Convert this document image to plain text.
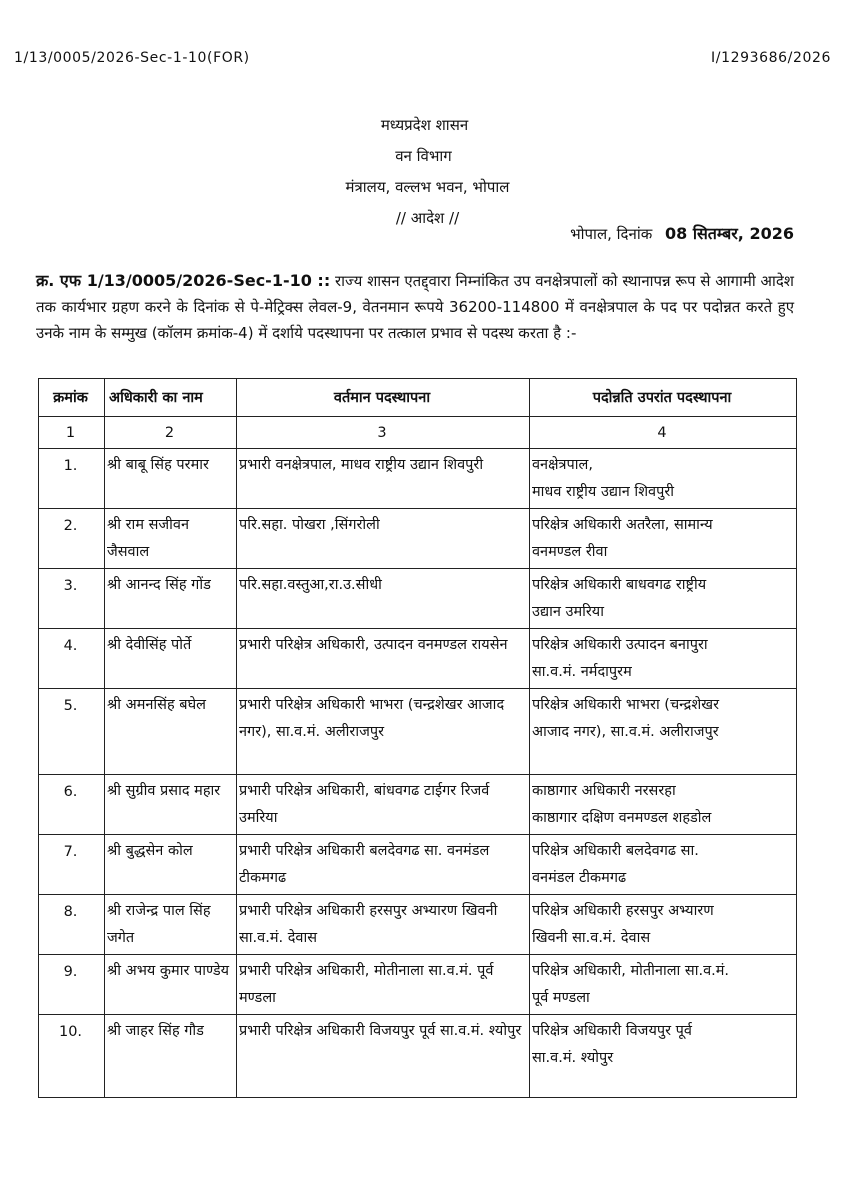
1/13/0005/2026-Sec-1-10(FOR)	I/1293686/2026
मध्यप्रदेश शासन
वन विभाग
मंत्रालय, वल्लभ भवन, भोपाल
// आदेश //
भोपाल, दिनांक 08 सितम्बर, 2026
क्र. एफ 1/13/0005/2026-Sec-1-10 :: राज्य शासन एतद्द्वारा निम्नांकित उप वनक्षेत्रपालों को स्थानापन्न रूप से आगामी आदेश तक कार्यभार ग्रहण करने के दिनांक से पे-मेट्रिक्स लेवल-9, वेतनमान रूपये 36200-114800 में वनक्षेत्रपाल के पद पर पदोन्नत करते हुए उनके नाम के सम्मुख (कॉलम क्रमांक-4) में दर्शाये पदस्थापना पर तत्काल प्रभाव से पदस्थ करता है :-
क्रमांक	अधिकारी का नाम	वर्तमान पदस्थापना	पदोन्नति उपरांत पदस्थापना
1	2	3	4
1.	श्री बाबू सिंह परमार	प्रभारी वनक्षेत्रपाल, माधव राष्ट्रीय उद्यान शिवपुरी	वनक्षेत्रपाल,
माधव राष्ट्रीय उद्यान शिवपुरी

2.	श्री राम सजीवन जैसवाल	परि.सहा. पोखरा ,सिंगरोली	परिक्षेत्र अधिकारी अतरैला, सामान्य
वनमण्डल रीवा

3.	श्री आनन्द सिंह गोंड	परि.सहा.वस्तुआ,रा.उ.सीधी	परिक्षेत्र अधिकारी बाधवगढ राष्ट्रीय
उद्यान उमरिया

4.	श्री देवीसिंह पोर्ते	प्रभारी परिक्षेत्र अधिकारी, उत्पादन वनमण्डल रायसेन	परिक्षेत्र अधिकारी उत्पादन बनापुरा
सा.व.मं. नर्मदापुरम

5.	श्री अमनसिंह बघेल	प्रभारी परिक्षेत्र अधिकारी भाभरा (चन्द्रशेखर आजाद नगर), सा.व.मं. अलीराजपुर	परिक्षेत्र अधिकारी भाभरा (चन्द्रशेखर
आजाद नगर), सा.व.मं. अलीराजपुर

6.	श्री सुग्रीव प्रसाद महार	प्रभारी परिक्षेत्र अधिकारी, बांधवगढ टाईगर रिजर्व उमरिया	काष्ठागार अधिकारी नरसरहा
काष्ठागार दक्षिण वनमण्डल शहडोल

7.	श्री बुद्धसेन कोल	प्रभारी परिक्षेत्र अधिकारी बलदेवगढ सा. वनमंडल टीकमगढ	परिक्षेत्र अधिकारी बलदेवगढ सा.
वनमंडल टीकमगढ

8.	श्री राजेन्द्र पाल सिंह जगेत	प्रभारी परिक्षेत्र अधिकारी हरसपुर अभ्यारण खिवनी सा.व.मं. देवास	परिक्षेत्र अधिकारी हरसपुर अभ्यारण
खिवनी सा.व.मं. देवास

9.	श्री अभय कुमार पाण्डेय	प्रभारी परिक्षेत्र अधिकारी, मोतीनाला सा.व.मं. पूर्व मण्डला	परिक्षेत्र अधिकारी, मोतीनाला सा.व.मं.
पूर्व मण्डला

10.	श्री जाहर सिंह गौड	प्रभारी परिक्षेत्र अधिकारी विजयपुर पूर्व सा.व.मं. श्योपुर	परिक्षेत्र अधिकारी विजयपुर पूर्व
सा.व.मं. श्योपुर
